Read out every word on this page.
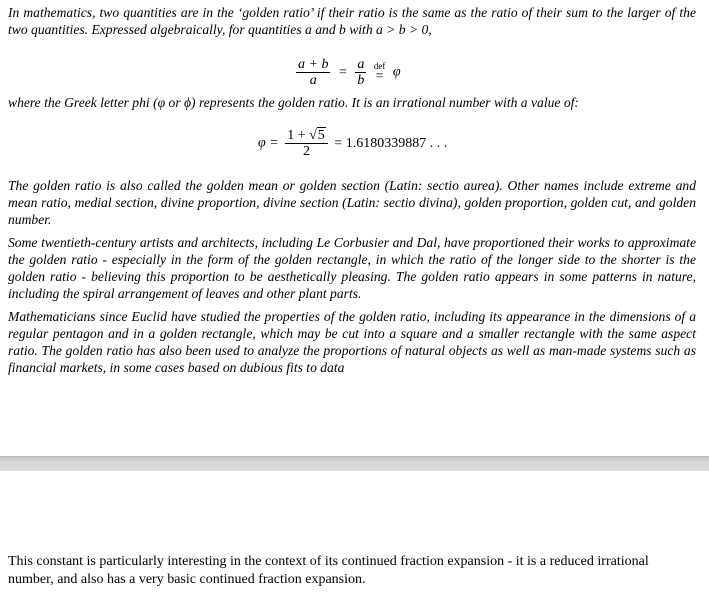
In mathematics, two quantities are in the ‘golden ratio’ if their ratio is the same as the ratio of their sum to the larger of the two quantities. Expressed algebraically, for quantities a and b with a > b > 0,

$\frac{a + b}{a} = \frac{a}{b}$
def
= φ

where the Greek letter phi (φ or ϕ) represents the golden ratio. It is an irrational number with a value of:

$\varphi = \frac{1 + √5}{2} = 1.6180339887$ . . .

The golden ratio is also called the golden mean or golden section (Latin: sectio aurea). Other names include extreme and mean ratio, medial section, divine proportion, divine section (Latin: sectio divina), golden proportion, golden cut, and golden number.

Some twentieth-century artists and architects, including Le Corbusier and Dal, have proportioned their works to approximate the golden ratio - especially in the form of the golden rectangle, in which the ratio of the longer side to the shorter is the golden ratio - believing this proportion to be aesthetically pleasing. The golden ratio appears in some patterns in nature, including the spiral arrangement of leaves and other plant parts.

Mathematicians since Euclid have studied the properties of the golden ratio, including its appearance in the dimensions of a regular pentagon and in a golden rectangle, which may be cut into a square and a smaller rectangle with the same aspect ratio. The golden ratio has also been used to analyze the proportions of natural objects as well as man-made systems such as financial markets, in some cases based on dubious fits to data

This constant is particularly interesting in the context of its continued fraction expansion - it is a reduced irrational number, and also has a very basic continued fraction expansion.
